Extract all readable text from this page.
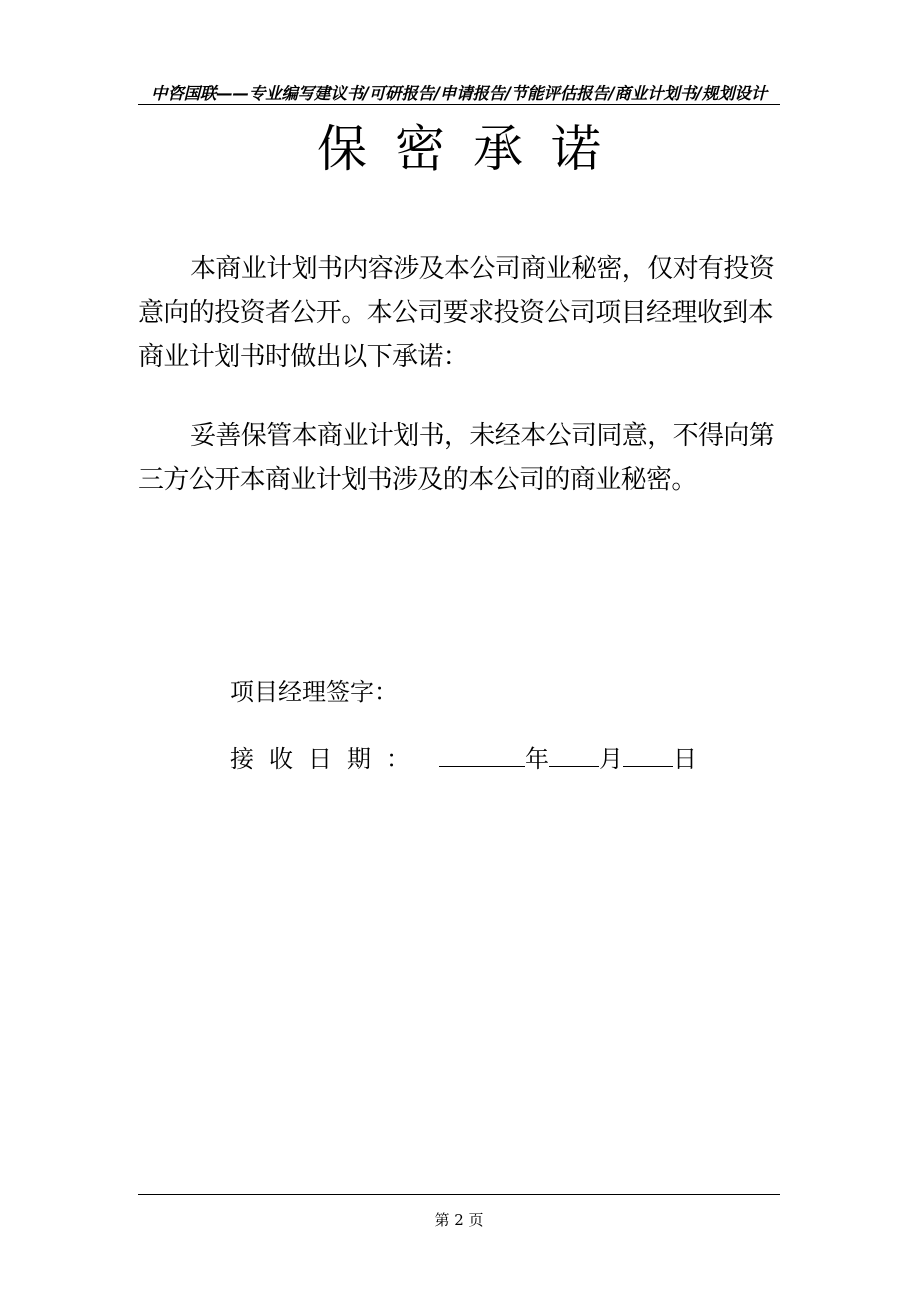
中咨国联——专业编写建议书/可研报告/申请报告/节能评估报告/商业计划书/规划设计
保密承诺

本商业计划书内容涉及本公司商业秘密，仅对有投资意向的投资者公开。本公司要求投资公司项目经理收到本商业计划书时做出以下承诺：

妥善保管本商业计划书，未经本公司同意，不得向第三方公开本商业计划书涉及的本公司的商业秘密。

项目经理签字：
接收日期：	年 月 日
第 2 页
